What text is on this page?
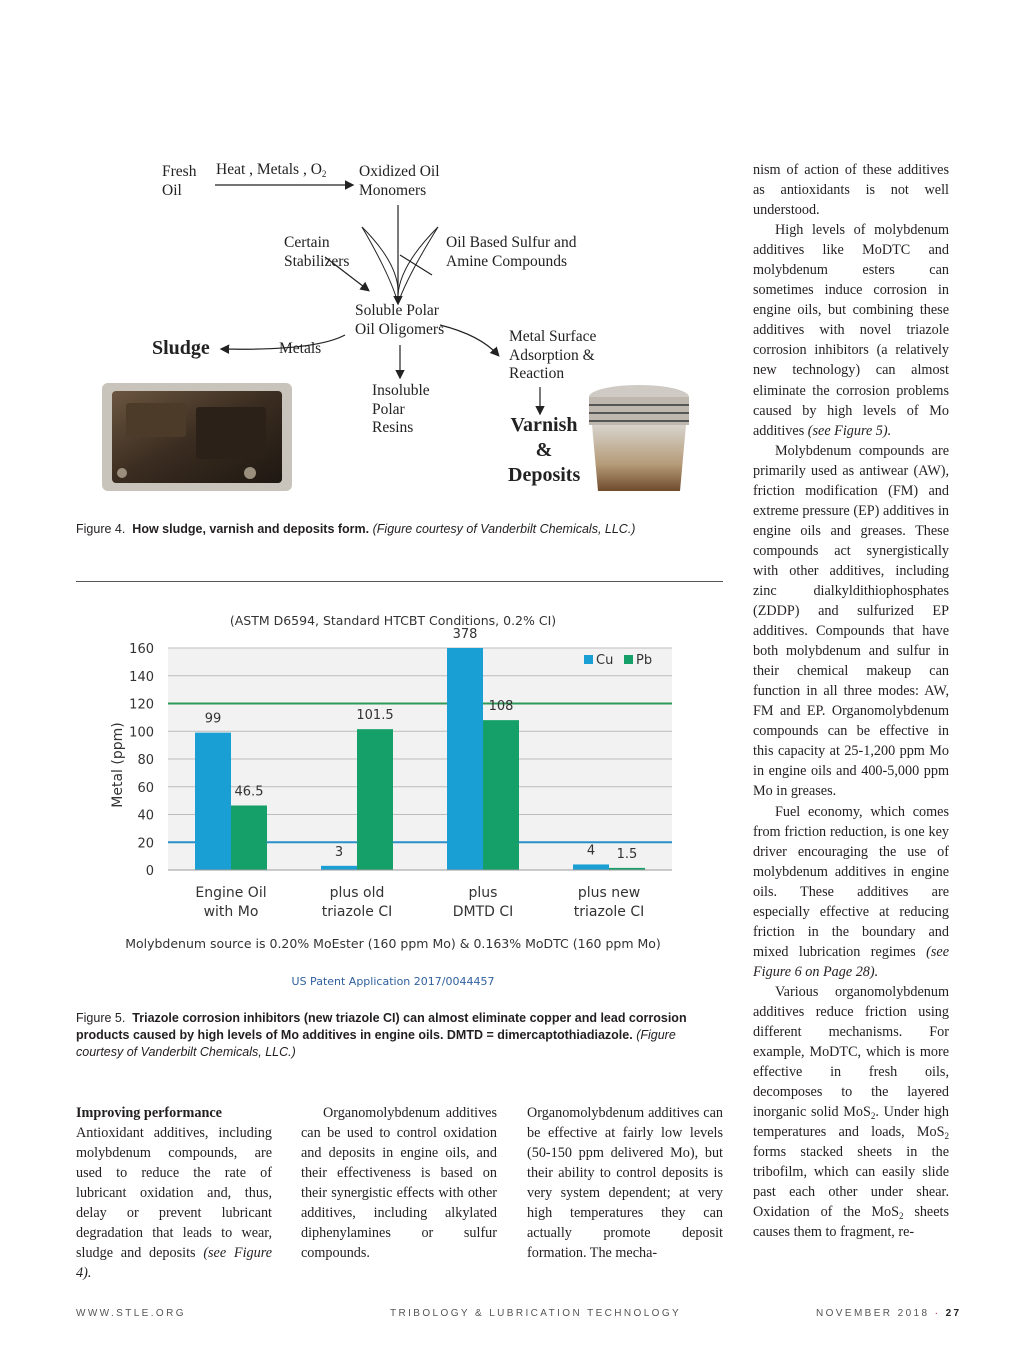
Fresh
Oil
Heat , Metals , $O_2$ Oxidized Oil
Monomers
Certain
Stabilizers
Oil Based Sulfur and
Amine Compounds
Soluble Polar
Oil Oligomers
Sludge	Metals
Metal Surface
Adsorption &
Reaction
Insoluble
Polar
Resins	Varnish
&
Deposits
Figure 4. How sludge, varnish and deposits form. (Figure courtesy of Vanderbilt Chemicals, LLC.)
(ASTM D6594, Standard HTCBT Conditions, 0.2% CI)
Metal (ppm)
0
20
40
60
80
100
120
140
160
99
46.5
Engine Oil
with Mo
3
101.5
plus old
triazole CI
378
108
plus
DMTD CI
4 1.5
plus new
triazole CI
Cu Pb
Molybdenum source is 0.20% MoEster (160 ppm Mo) & 0.163% MoDTC (160 ppm Mo)
US Patent Application 2017/0044457
Figure 5. Triazole corrosion inhibitors (new triazole CI) can almost eliminate copper and lead corrosion products caused by high levels of Mo additives in engine oils. DMTD = dimercaptothiadiazole. (Figure courtesy of Vanderbilt Chemicals, LLC.)

nism of action of these additives as antioxidants is not well understood.

High levels of molybdenum additives like MoDTC and molybdenum esters can sometimes induce corrosion in engine oils, but combining these additives with novel triazole corrosion inhibitors (a relatively new technology) can almost eliminate the corrosion problems caused by high levels of Mo additives (see Figure 5).

Molybdenum compounds are primarily used as antiwear (AW), friction modification (FM) and extreme pressure (EP) additives in engine oils and greases. These compounds act synergistically with other additives, including zinc dialkyldithiophosphates (ZDDP) and sulfurized EP additives. Compounds that have both molybdenum and sulfur in their chemical makeup can function in all three modes: AW, FM and EP. Organomolybdenum compounds can be effective in this capacity at 25-1,200 ppm Mo in engine oils and 400-5,000 ppm Mo in greases.

Fuel economy, which comes from friction reduction, is one key driver encouraging the use of molybdenum additives in engine oils. These additives are especially effective at reducing friction in the boundary and mixed lubrication regimes (see Figure 6 on Page 28).

Various organomolybdenum additives reduce friction using different mechanisms. For example, MoDTC, which is more effective in fresh oils, decomposes to the layered inorganic solid MoS$_2$. Under high temperatures and loads, MoS$_2$ forms stacked sheets in the tribofilm, which can easily slide past each other under shear. Oxidation of the MoS$_2$ sheets causes them to fragment, re-

Improving performance

Antioxidant additives, including molybdenum compounds, are used to reduce the rate of lubricant oxidation and, thus, delay or prevent lubricant degradation that leads to wear, sludge and deposits (see Figure 4).

Organomolybdenum additives can be used to control oxidation and deposits in engine oils, and their effectiveness is based on their synergistic effects with other additives, including alkylated diphenylamines or sulfur compounds.

Organomolybdenum additives can be effective at fairly low levels (50-150 ppm delivered Mo), but their ability to control deposits is very system dependent; at very high temperatures they can actually promote deposit formation. The mecha-

WWW.STLE.ORG	TRIBOLOGY & LUBRICATION TECHNOLOGY	NOVEMBER 2018 · 27
